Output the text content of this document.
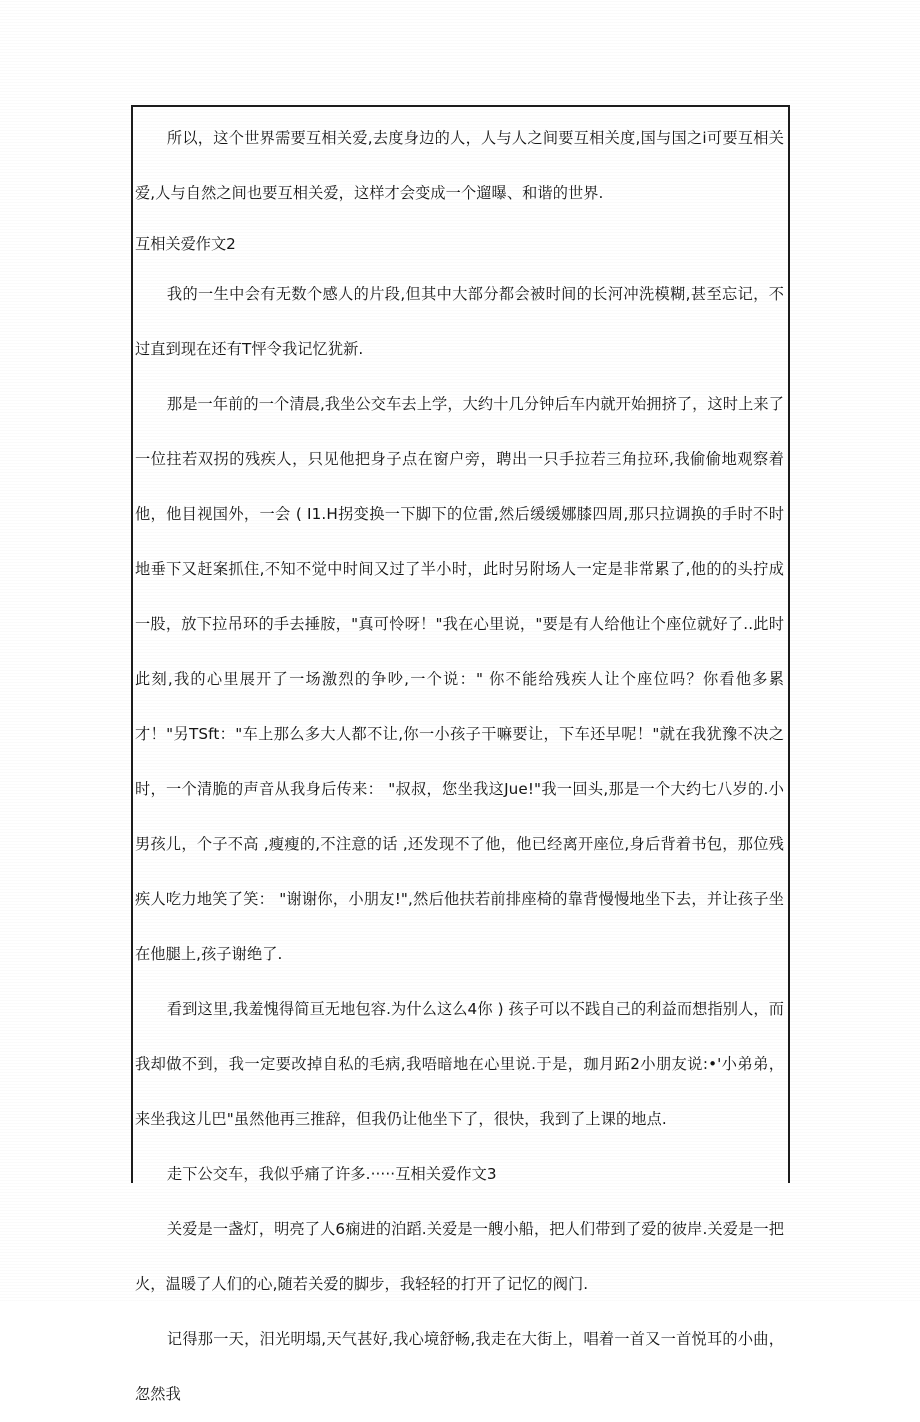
所以，这个世界需要互相关爱,去度身边的人，人与人之间要互相关度,国与国之i可要互相关爱,人与自然之间也要互相关爱，这样才会变成一个遛曝、和谐的世界.

互相关爱作文2

我的一生中会有无数个感人的片段,但其中大部分都会被时间的长河冲洗模糊,甚至忘记，不过直到现在还有T怦令我记忆犹新.

那是一年前的一个清晨,我坐公交车去上学，大约十几分钟后车内就开始拥挤了，这时上来了一位拄若双拐的残疾人，只见他把身子点在窗户旁，聘出一只手拉若三角拉环,我偷偷地观察着他，他目视国外，一会 ( I1.H拐变换一下脚下的位雷,然后缓缓娜膝四周,那只拉调换的手时不时地垂下又赶案抓住,不知不觉中时间又过了半小时，此时另附场人一定是非常累了,他的的头拧成一股，放下拉吊环的手去捶胺，"真可怜呀！"我在心里说，"要是有人给他让个座位就好了..此时此刻,我的心里展开了一场激烈的争吵,一个说：" 你不能给残疾人让个座位吗？你看他多累才！"另TSft："车上那么多大人都不让,你一小孩子干嘛要让，下车还早呢！"就在我犹豫不决之时，一个清脆的声音从我身后传来： "叔叔，您坐我这Jue!"我一回头,那是一个大约七八岁的.小男孩儿，个子不高 ,瘦瘦的,不注意的话 ,还发现不了他，他已经离开座位,身后背着书包，那位残疾人吃力地笑了笑： "谢谢你，小朋友!",然后他扶若前排座椅的靠背慢慢地坐下去，并让孩子坐在他腿上,孩子谢绝了.

看到这里,我羞愧得简亘无地包容.为什么这么4你 ) 孩子可以不践自己的利益而想指别人，而我却做不到，我一定要改掉自私的毛病,我唔暗地在心里说.于是，珈月跖2小朋友说:•'小弟弟，来坐我这儿巴"虽然他再三推辞，但我仍让他坐下了，很快，我到了上课的地点.

走下公交车，我似乎痛了许多.·····互相关爱作文3

关爱是一盏灯，明亮了人6痫进的泊蹈.关爱是一艘小船，把人们带到了爱的彼岸.关爱是一把火，温暖了人们的心,随若关爱的脚步，我轻轻的打开了记忆的阀门.

记得那一天，汨光明塌,天气甚好,我心境舒畅,我走在大街上，唱着一首又一首悦耳的小曲，忽然我
